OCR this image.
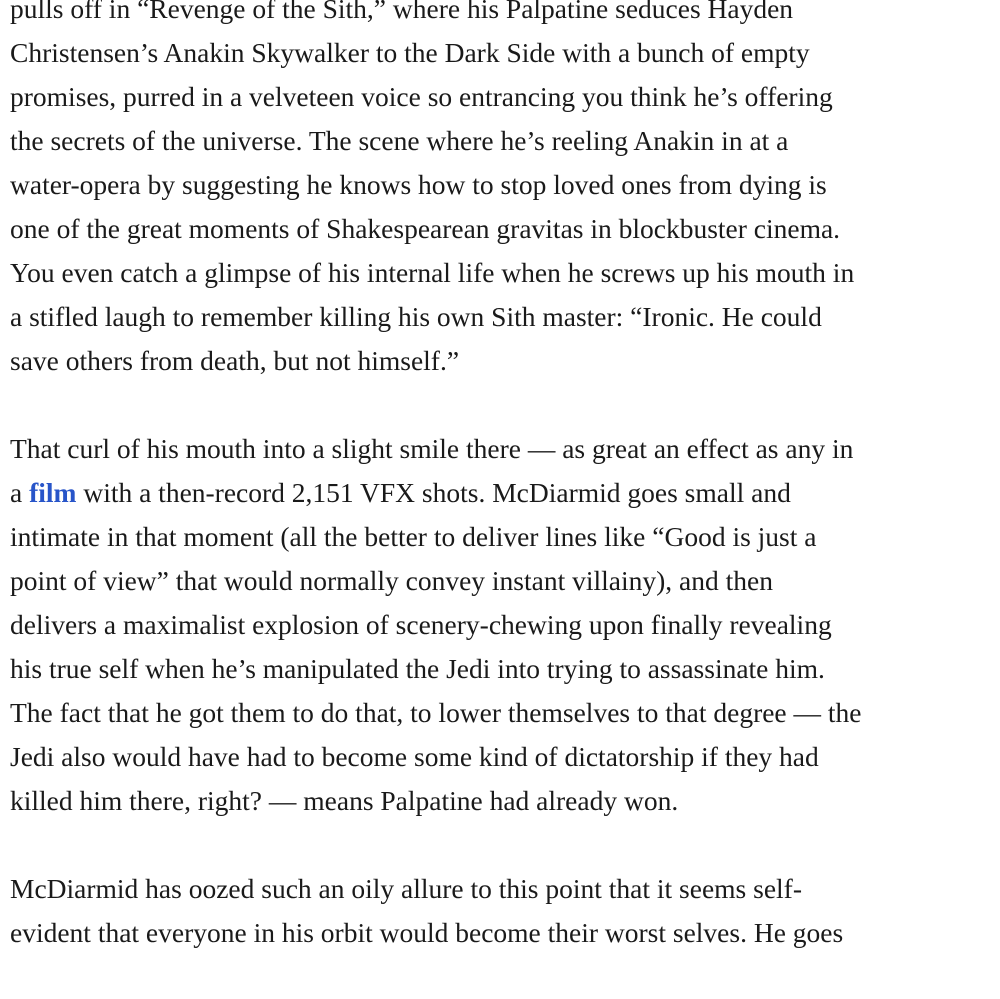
pulls off in “Revenge of the Sith,” where his Palpatine seduces Hayden
Christensen’s Anakin Skywalker to the Dark Side with a bunch of empty
promises, purred in a velveteen voice so entrancing you think he’s offering
the secrets of the universe. The scene where he’s reeling Anakin in at a
water-opera by suggesting he knows how to stop loved ones from dying is
one of the great moments of Shakespearean gravitas in blockbuster cinema.
You even catch a glimpse of his internal life when he screws up his mouth in
a stifled laugh to remember killing his own Sith master: “Ironic. He could
save others from death, but not himself.”

That curl of his mouth into a slight smile there — as great an effect as any in
a film with a then-record 2,151 VFX shots. McDiarmid goes small and
intimate in that moment (all the better to deliver lines like “Good is just a
point of view” that would normally convey instant villainy), and then
delivers a maximalist explosion of scenery-chewing upon finally revealing
his true self when he’s manipulated the Jedi into trying to assassinate him.
The fact that he got them to do that, to lower themselves to that degree — the
Jedi also would have had to become some kind of dictatorship if they had
killed him there, right? — means Palpatine had already won.

McDiarmid has oozed such an oily allure to this point that it seems self-
evident that everyone in his orbit would become their worst selves. He goes
